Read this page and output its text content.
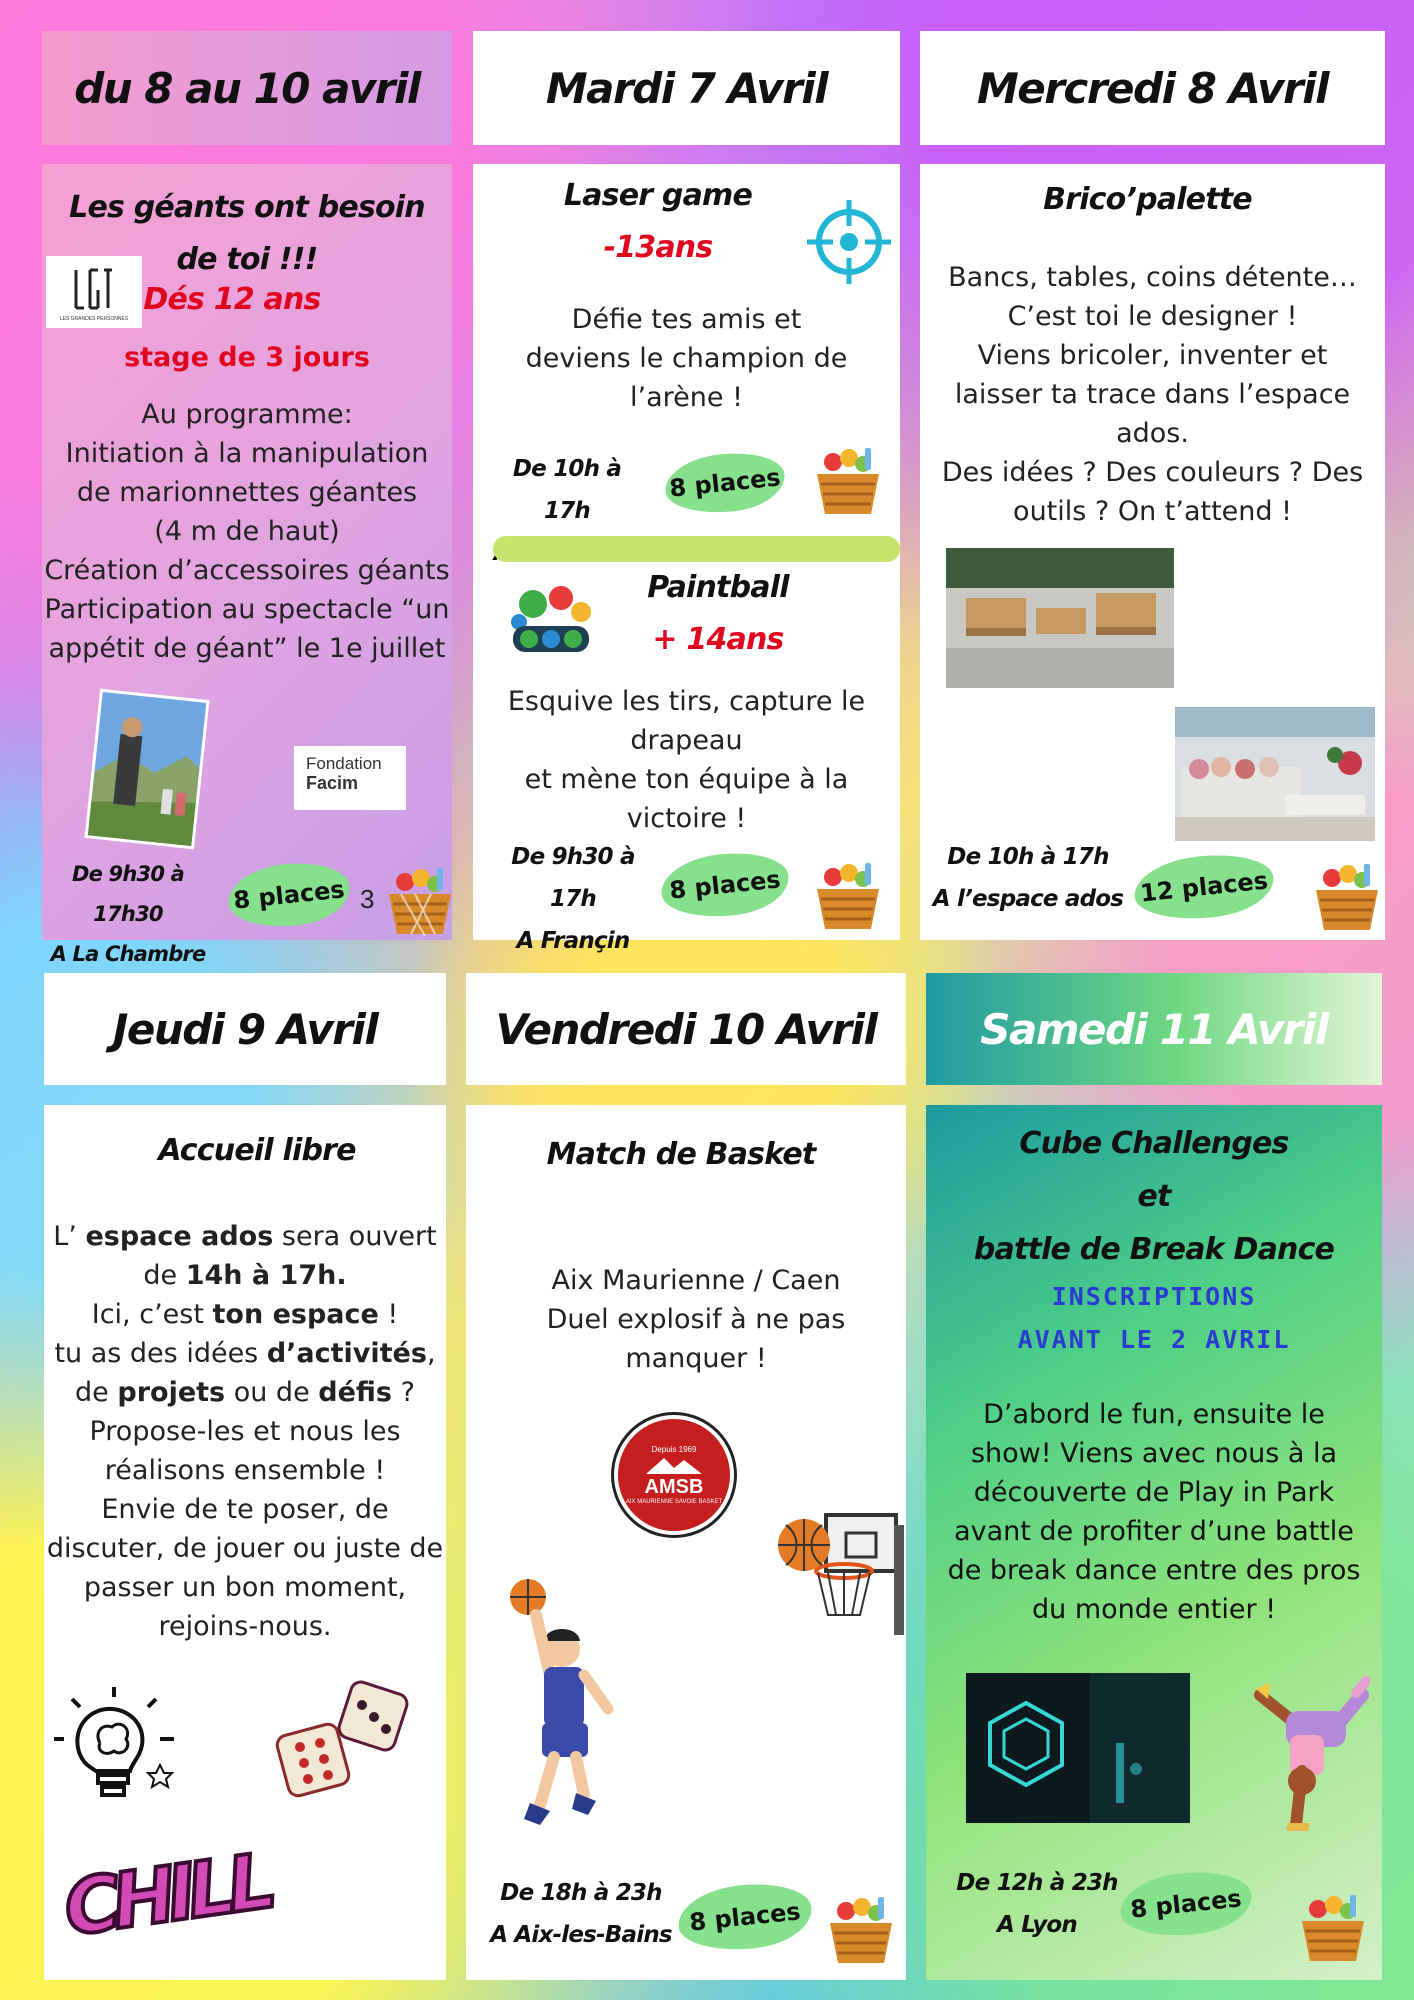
du 8 au 10 avril	Mardi 7 Avril	Mercredi 8 Avril
Les géants ont besoin
de toi !!!
LES GRANDES PERSONNES
Dés 12 ans
stage de 3 jours
Au programme:
Initiation à la manipulation
de marionnettes géantes
(4 m de haut)
Création d’accessoires géants
Participation au spectacle “un
appétit de géant” le 1e juillet
Fondation
Facim
De 9h30 à 17h30
A La Chambre
8 places 3
Laser game
-13ans
Défie tes amis et
deviens le champion de
l’arène !
De 10h à 17h
8 places
Paintball
+ 14ans
Esquive les tirs, capture le
drapeau
et mène ton équipe à la
victoire !
De 9h30 à 17h
A Françin
8 places
Brico’palette
Bancs, tables, coins détente…
C’est toi le designer !
Viens bricoler, inventer et
laisser ta trace dans l’espace
ados.
Des idées ? Des couleurs ? Des
outils ? On t’attend !
De 10h à 17h
A l’espace ados 12 places
Jeudi 9 Avril	Vendredi 10 Avril Samedi 11 Avril
Accueil libre
L’ espace ados sera ouvert
de 14h à 17h.
Ici, c’est ton espace !
tu as des idées d’activités,
de projets ou de défis ?
Propose-les et nous les
réalisons ensemble !
Envie de te poser, de
discuter, de jouer ou juste de
passer un bon moment,
rejoins-nous.
CHILL
Match de Basket
Aix Maurienne / Caen
Duel explosif à ne pas
manquer !
Depuis 1969
AMSB
AIX MAURIENNE SAVOIE BASKET
De 18h à 23h
A Aix-les-Bains 8 places
Cube Challenges
et
battle de Break Dance
INSCRIPTIONS
AVANT LE 2 AVRIL
D’abord le fun, ensuite le
show! Viens avec nous à la
découverte de Play in Park
avant de profiter d’une battle
de break dance entre des pros
du monde entier !
De 12h à 23h
A Lyon
8 places
